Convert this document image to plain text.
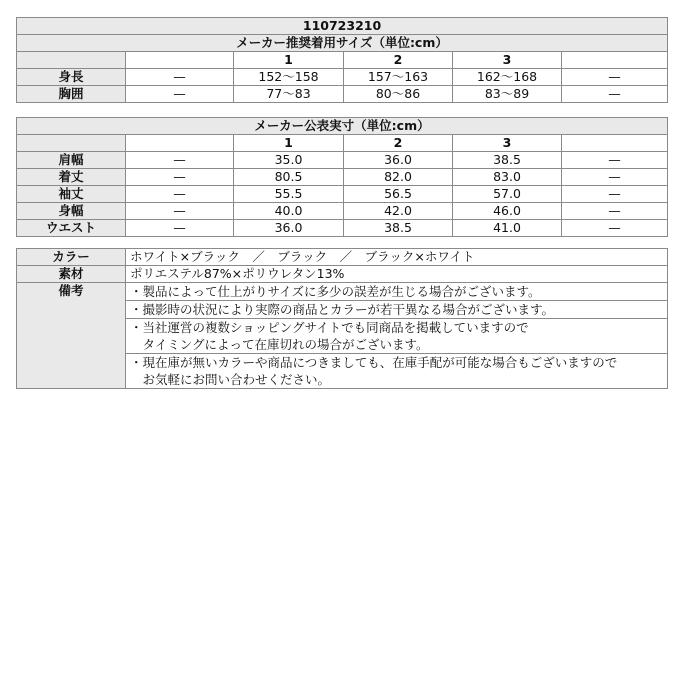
110723210					
メーカー推奨着用サイズ（単位:cm）					
		1	2	3	
身長	—	152〜158	157〜163	162〜168	—
胸囲	—	77〜83	80〜86	83〜89	—
メーカー公表実寸（単位:cm）					
		1	2	3	
肩幅	—	35.0	36.0	38.5	—
着丈	—	80.5	82.0	83.0	—
袖丈	—	55.5	56.5	57.0	—
身幅	—	40.0	42.0	46.0	—
ウエスト	—	36.0	38.5	41.0	—
カラー	ホワイト×ブラック　／　ブラック　／　ブラック×ホワイト
素材	ポリエステル87%×ポリウレタン13%
備考	・製品によって仕上がりサイズに多少の誤差が生じる場合がございます。

	・撮影時の状況により実際の商品とカラーが若干異なる場合がございます。

	・当社運営の複数ショッピングサイトでも同商品を掲載していますので
　タイミングによって在庫切れの場合がございます。

	・現在庫が無いカラーや商品につきましても、在庫手配が可能な場合もございますので
　お気軽にお問い合わせください。
